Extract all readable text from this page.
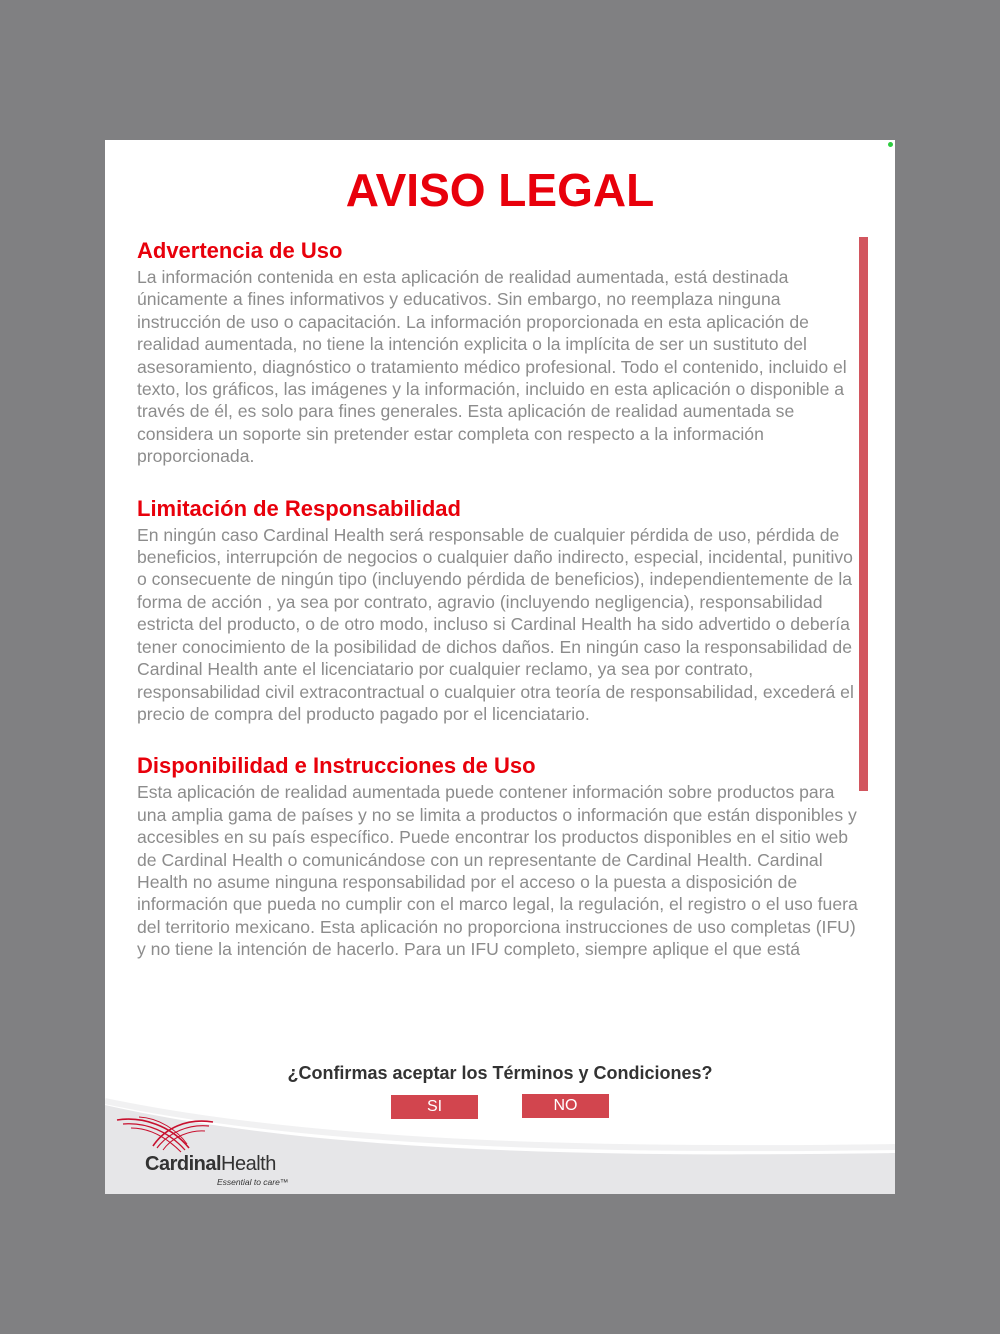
AVISO LEGAL
Advertencia de Uso

La información contenida en esta aplicación de realidad aumentada, está destinada únicamente a fines informativos y educativos. Sin embargo, no reemplaza ninguna instrucción de uso o capacitación. La información proporcionada en esta aplicación de realidad aumentada, no tiene la intención explicita o la implícita de ser un sustituto del asesoramiento, diagnóstico o tratamiento médico profesional. Todo el contenido, incluido el texto, los gráficos, las imágenes y la información, incluido en esta aplicación o disponible a través de él, es solo para fines generales. Esta aplicación de realidad aumentada se considera un soporte sin pretender estar completa con respecto a la información proporcionada.

Limitación de Responsabilidad

En ningún caso Cardinal Health será responsable de cualquier pérdida de uso, pérdida de beneficios, interrupción de negocios o cualquier daño indirecto, especial, incidental, punitivo o consecuente de ningún tipo (incluyendo pérdida de beneficios), independientemente de la forma de acción , ya sea por contrato, agravio (incluyendo negligencia), responsabilidad estricta del producto, o de otro modo, incluso si Cardinal Health ha sido advertido o debería tener conocimiento de la posibilidad de dichos daños. En ningún caso la responsabilidad de Cardinal Health ante el licenciatario por cualquier reclamo, ya sea por contrato, responsabilidad civil extracontractual o cualquier otra teoría de responsabilidad, excederá el precio de compra del producto pagado por el licenciatario.

Disponibilidad e Instrucciones de Uso

Esta aplicación de realidad aumentada puede contener información sobre productos para una amplia gama de países y no se limita a productos o información que están disponibles y accesibles en su país específico. Puede encontrar los productos disponibles en el sitio web de Cardinal Health o comunicándose con un representante de Cardinal Health. Cardinal Health no asume ninguna responsabilidad por el acceso o la puesta a disposición de información que pueda no cumplir con el marco legal, la regulación, el registro o el uso fuera del territorio mexicano. Esta aplicación no proporciona instrucciones de uso completas (IFU) y no tiene la intención de hacerlo. Para un IFU completo, siempre aplique el que está

¿Confirmas aceptar los Términos y Condiciones?
SI	NO
CardinalHealth
Essential to care™
